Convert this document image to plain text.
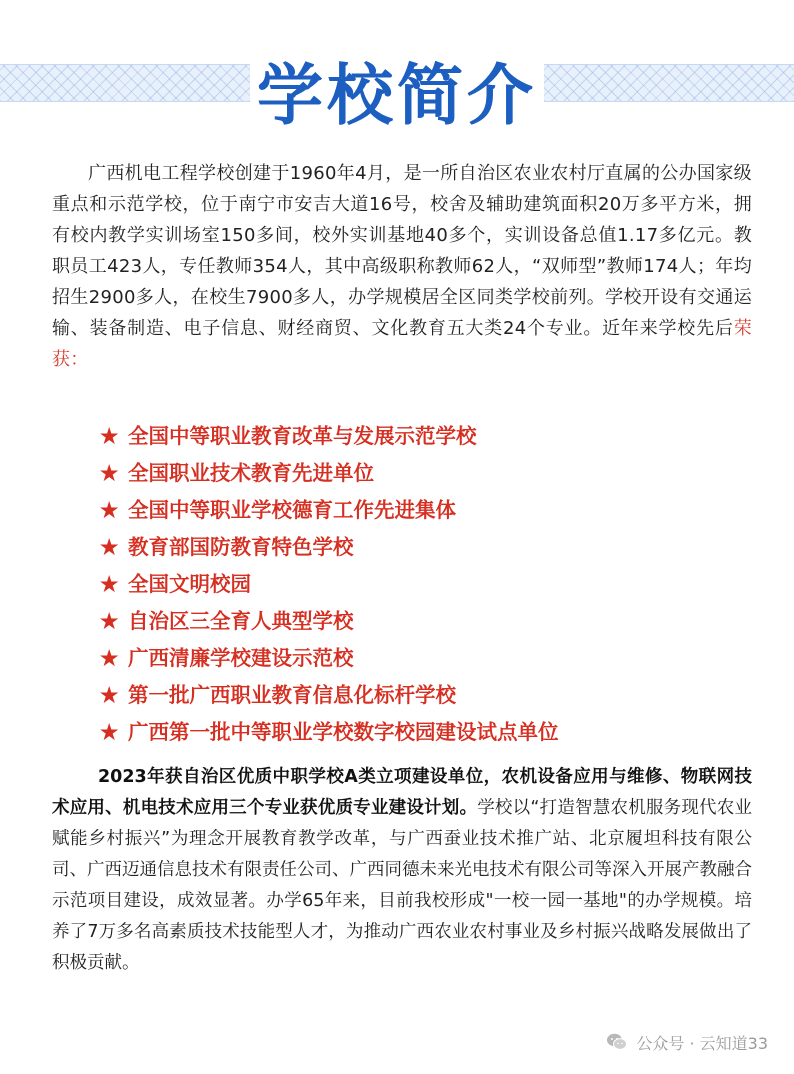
学校简介

广西机电工程学校创建于1960年4月，是一所自治区农业农村厅直属的公办国家级重点和示范学校，位于南宁市安吉大道16号，校舍及辅助建筑面积20万多平方米，拥有校内教学实训场室150多间，校外实训基地40多个，实训设备总值1.17多亿元。教职员工423人，专任教师354人，其中高级职称教师62人，“双师型”教师174人；年均招生2900多人，在校生7900多人，办学规模居全区同类学校前列。学校开设有交通运输、装备制造、电子信息、财经商贸、文化教育五大类24个专业。近年来学校先后荣获：

★ 全国中等职业教育改革与发展示范学校
★ 全国职业技术教育先进单位
★ 全国中等职业学校德育工作先进集体
★ 教育部国防教育特色学校
★ 全国文明校园
★ 自治区三全育人典型学校
★ 广西清廉学校建设示范校
★ 第一批广西职业教育信息化标杆学校
★ 广西第一批中等职业学校数字校园建设试点单位

2023年获自治区优质中职学校A类立项建设单位，农机设备应用与维修、物联网技术应用、机电技术应用三个专业获优质专业建设计划。学校以“打造智慧农机服务现代农业 赋能乡村振兴”为理念开展教育教学改革，与广西蚕业技术推广站、北京履坦科技有限公司、广西迈通信息技术有限责任公司、广西同德未来光电技术有限公司等深入开展产教融合示范项目建设，成效显著。办学65年来，目前我校形成"一校一园一基地"的办学规模。培养了7万多名高素质技术技能型人才，为推动广西农业农村事业及乡村振兴战略发展做出了积极贡献。

公众号 · 云知道33
